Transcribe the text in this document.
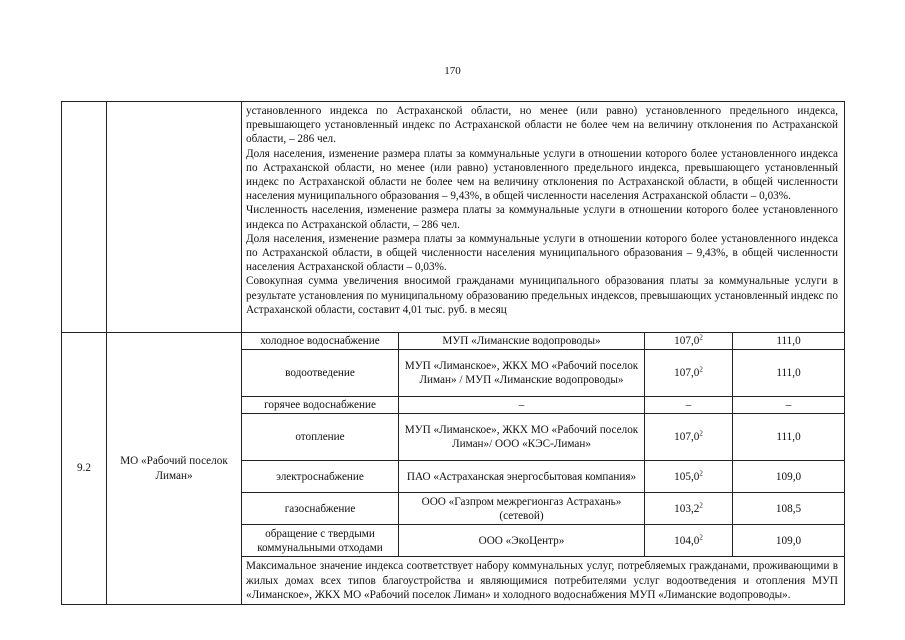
170

		установленного индекса по Астраханской области, но менее (или равно) установленного предельного индекса, превышающего установленный индекс по Астраханской области не более чем на величину отклонения по Астраханской области, – 286 чел.

Доля населения, изменение размера платы за коммунальные услуги в отношении которого более установленного индекса по Астраханской области, но менее (или равно) установленного предельного индекса, превышающего установленный индекс по Астраханской области не более чем на величину отклонения по Астраханской области, в общей численности населения муниципального образования – 9,43%, в общей численности населения Астраханской области – 0,03%.

Численность населения, изменение размера платы за коммунальные услуги в отношении которого более установленного индекса по Астраханской области, – 286 чел.

Доля населения, изменение размера платы за коммунальные услуги в отношении которого более установленного индекса по Астраханской области, в общей численности населения муниципального образования – 9,43%, в общей численности населения Астраханской области – 0,03%.

Совокупная сумма увеличения вносимой гражданами муниципального образования платы за коммунальные услуги в результате установления по муниципальному образованию предельных индексов, превышающих установленный индекс по Астраханской области, составит 4,01 тыс. руб. в месяц			

9.2	МО «Рабочий поселок Лиман»	холодное водоснабжение	МУП «Лиманские водопроводы»	107,0$^2$	111,0
		водоотведение	МУП «Лиманское», ЖКХ МО «Рабочий поселок Лиман» / МУП «Лиманские водопроводы»	107,0$^2$	111,0
		горячее водоснабжение	–	–	–
		отопление	МУП «Лиманское», ЖКХ МО «Рабочий поселок Лиман»/ ООО «КЭС-Лиман»	107,0$^2$	111,0
		электроснабжение	ПАО «Астраханская энергосбытовая компания»	105,0$^2$	109,0
		газоснабжение	ООО «Газпром межрегионгаз Астрахань» (сетевой)	103,2$^2$	108,5
		обращение с твердыми коммунальными отходами	ООО «ЭкоЦентр»	104,0$^2$	109,0
		Максимальное значение индекса соответствует набору коммунальных услуг, потребляемых гражданами, проживающими в жилых домах всех типов благоустройства и являющимися потребителями услуг водоотведения и отопления МУП «Лиманское», ЖКХ МО «Рабочий поселок Лиман» и холодного водоснабжения МУП «Лиманские водопроводы».			
